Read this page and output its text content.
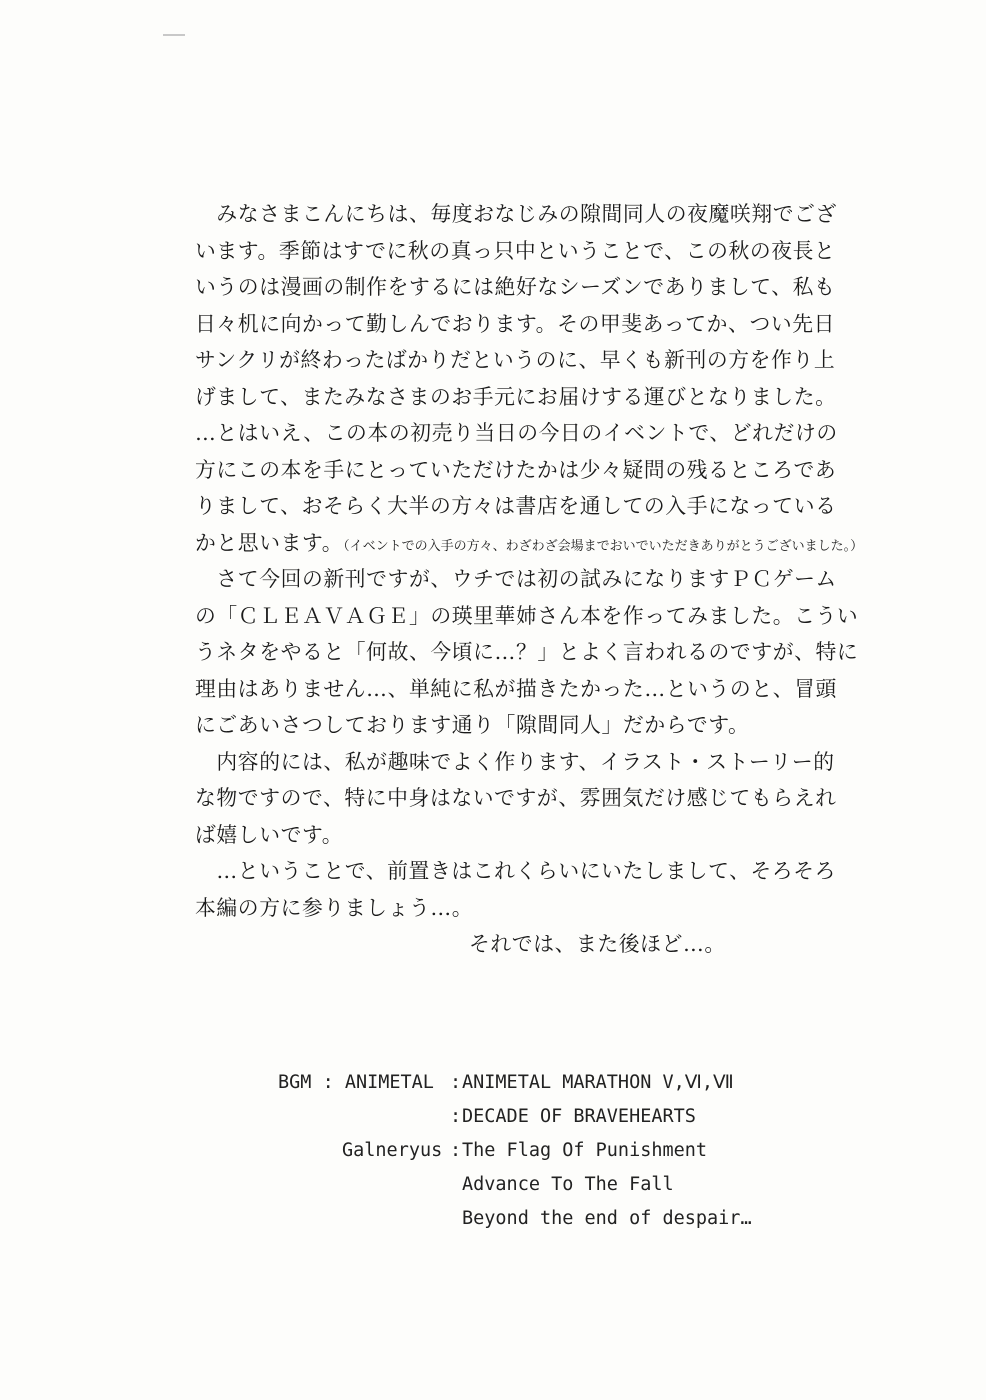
　みなさまこんにちは、毎度おなじみの隙間同人の夜魔咲翔でござ
います。季節はすでに秋の真っ只中ということで、この秋の夜長と
いうのは漫画の制作をするには絶好なシーズンでありまして、私も
日々机に向かって勤しんでおります。その甲斐あってか、つい先日
サンクリが終わったばかりだというのに、早くも新刊の方を作り上
げまして、またみなさまのお手元にお届けする運びとなりました。
…とはいえ、この本の初売り当日の今日のイベントで、どれだけの
方にこの本を手にとっていただけたかは少々疑問の残るところであ
りまして、おそらく大半の方々は書店を通しての入手になっている
かと思います。（イベントでの入手の方々、わざわざ会場までおいでいただきありがとうございました。）
　さて今回の新刊ですが、ウチでは初の試みになりますＰＣゲーム
の「ＣＬＥＡＶＡＧＥ」の瑛里華姉さん本を作ってみました。こうい
うネタをやると「何故、今頃に…？」とよく言われるのですが、特に
理由はありません…、単純に私が描きたかった…というのと、冒頭
にごあいさつしております通り「隙間同人」だからです。
　内容的には、私が趣味でよく作ります、イラスト・ストーリー的
な物ですので、特に中身はないですが、雰囲気だけ感じてもらえれ
ば嬉しいです。
　…ということで、前置きはこれくらいにいたしまして、そろそろ
本編の方に参りましょう…。
それでは、また後ほど…。
BGM : ANIMETAL : ANIMETAL MARATHON V,Ⅵ,Ⅶ
: DECADE OF BRAVEHEARTS
Galneryus : The Flag Of Punishment
Advance To The Fall
Beyond the end of despair…
